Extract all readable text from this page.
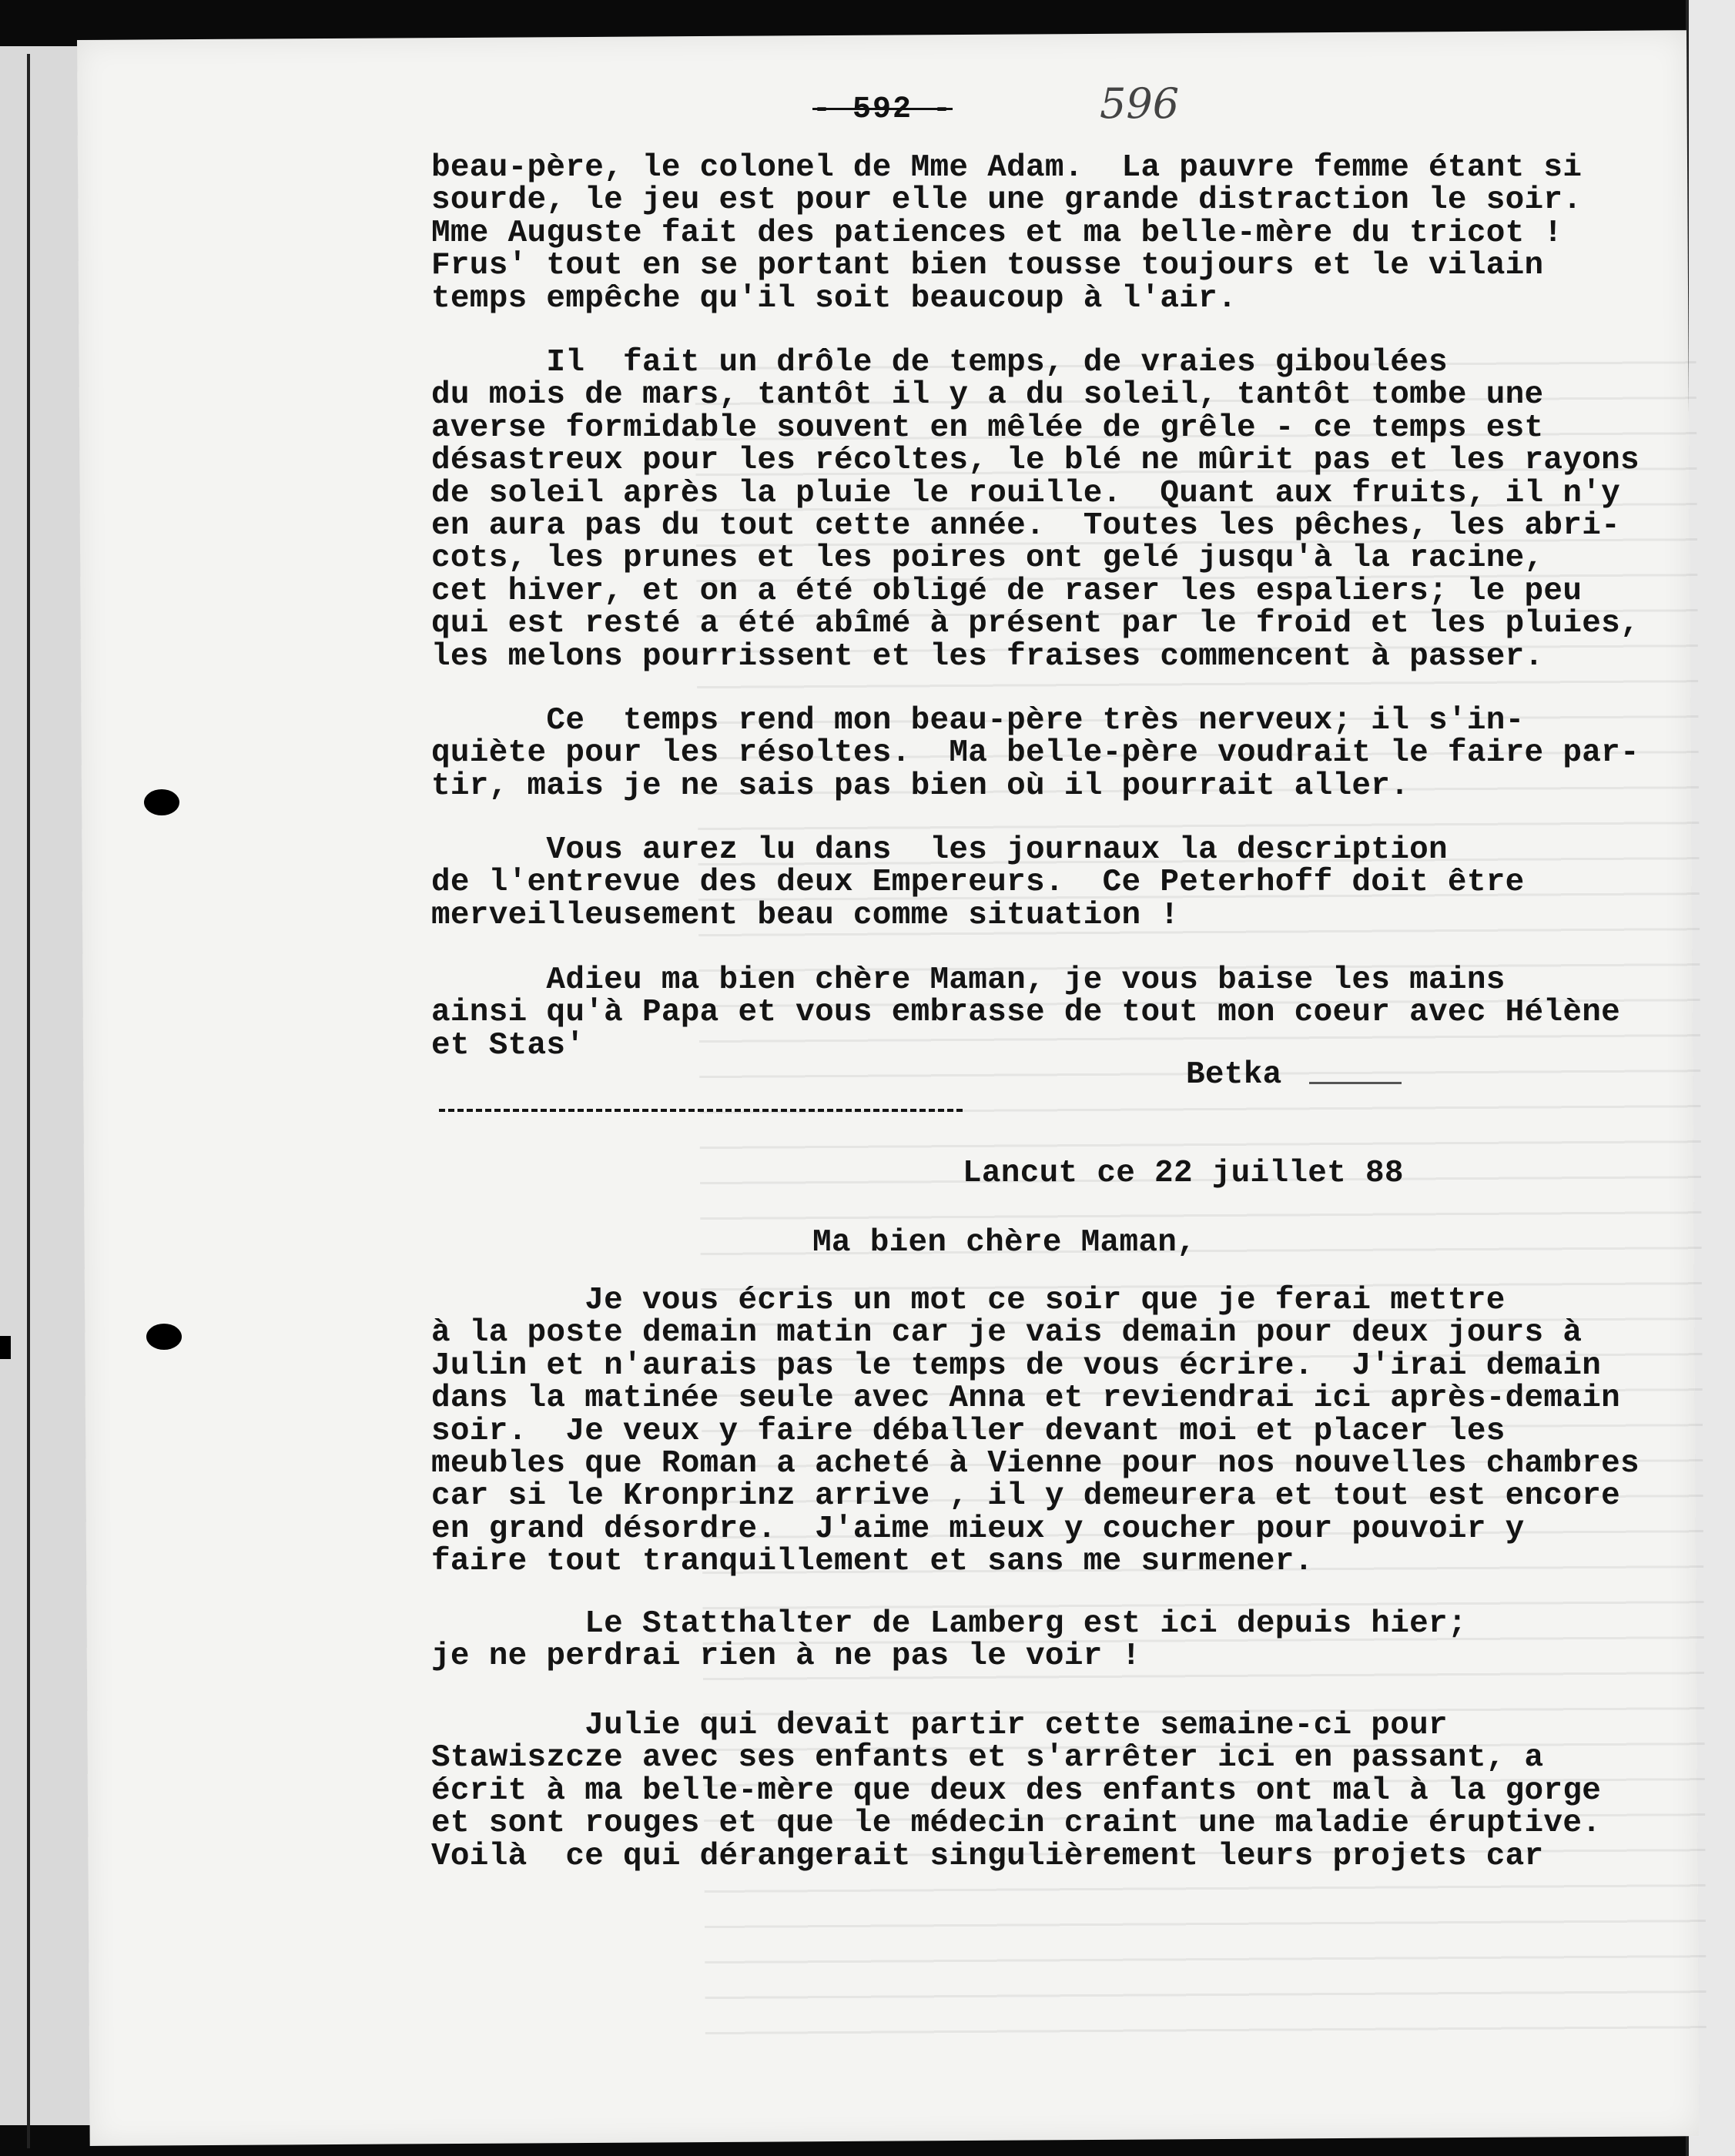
- 592 -	596
beau-père, le colonel de Mme Adam.  La pauvre femme étant si
sourde, le jeu est pour elle une grande distraction le soir.
Mme Auguste fait des patiences et ma belle-mère du tricot !
Frus' tout en se portant bien tousse toujours et le vilain
temps empêche qu'il soit beaucoup à l'air.
Il  fait un drôle de temps, de vraies giboulées
du mois de mars, tantôt il y a du soleil, tantôt tombe une
averse formidable souvent en mêlée de grêle - ce temps est
désastreux pour les récoltes, le blé ne mûrit pas et les rayons
de soleil après la pluie le rouille.  Quant aux fruits, il n'y
en aura pas du tout cette année.  Toutes les pêches, les abri-
cots, les prunes et les poires ont gelé jusqu'à la racine,
cet hiver, et on a été obligé de raser les espaliers; le peu
qui est resté a été abîmé à présent par le froid et les pluies,
les melons pourrissent et les fraises commencent à passer.
Ce  temps rend mon beau-père très nerveux; il s'in-
quiète pour les résoltes.  Ma belle-père voudrait le faire par-
tir, mais je ne sais pas bien où il pourrait aller.
Vous aurez lu dans  les journaux la description
de l'entrevue des deux Empereurs.  Ce Peterhoff doit être
merveilleusement beau comme situation !
Adieu ma bien chère Maman, je vous baise les mains
ainsi qu'à Papa et vous embrasse de tout mon coeur avec Hélène
et Stas'
Betka
Lancut ce 22 juillet 88
Ma bien chère Maman,
Je vous écris un mot ce soir que je ferai mettre
à la poste demain matin car je vais demain pour deux jours à
Julin et n'aurais pas le temps de vous écrire.  J'irai demain
dans la matinée seule avec Anna et reviendrai ici après-demain
soir.  Je veux y faire déballer devant moi et placer les
meubles que Roman a acheté à Vienne pour nos nouvelles chambres
car si le Kronprinz arrive , il y demeurera et tout est encore
en grand désordre.  J'aime mieux y coucher pour pouvoir y
faire tout tranquillement et sans me surmener.
Le Statthalter de Lamberg est ici depuis hier;
je ne perdrai rien à ne pas le voir !
Julie qui devait partir cette semaine-ci pour
Stawiszcze avec ses enfants et s'arrêter ici en passant, a
écrit à ma belle-mère que deux des enfants ont mal à la gorge
et sont rouges et que le médecin craint une maladie éruptive.
Voilà  ce qui dérangerait singulièrement leurs projets car
